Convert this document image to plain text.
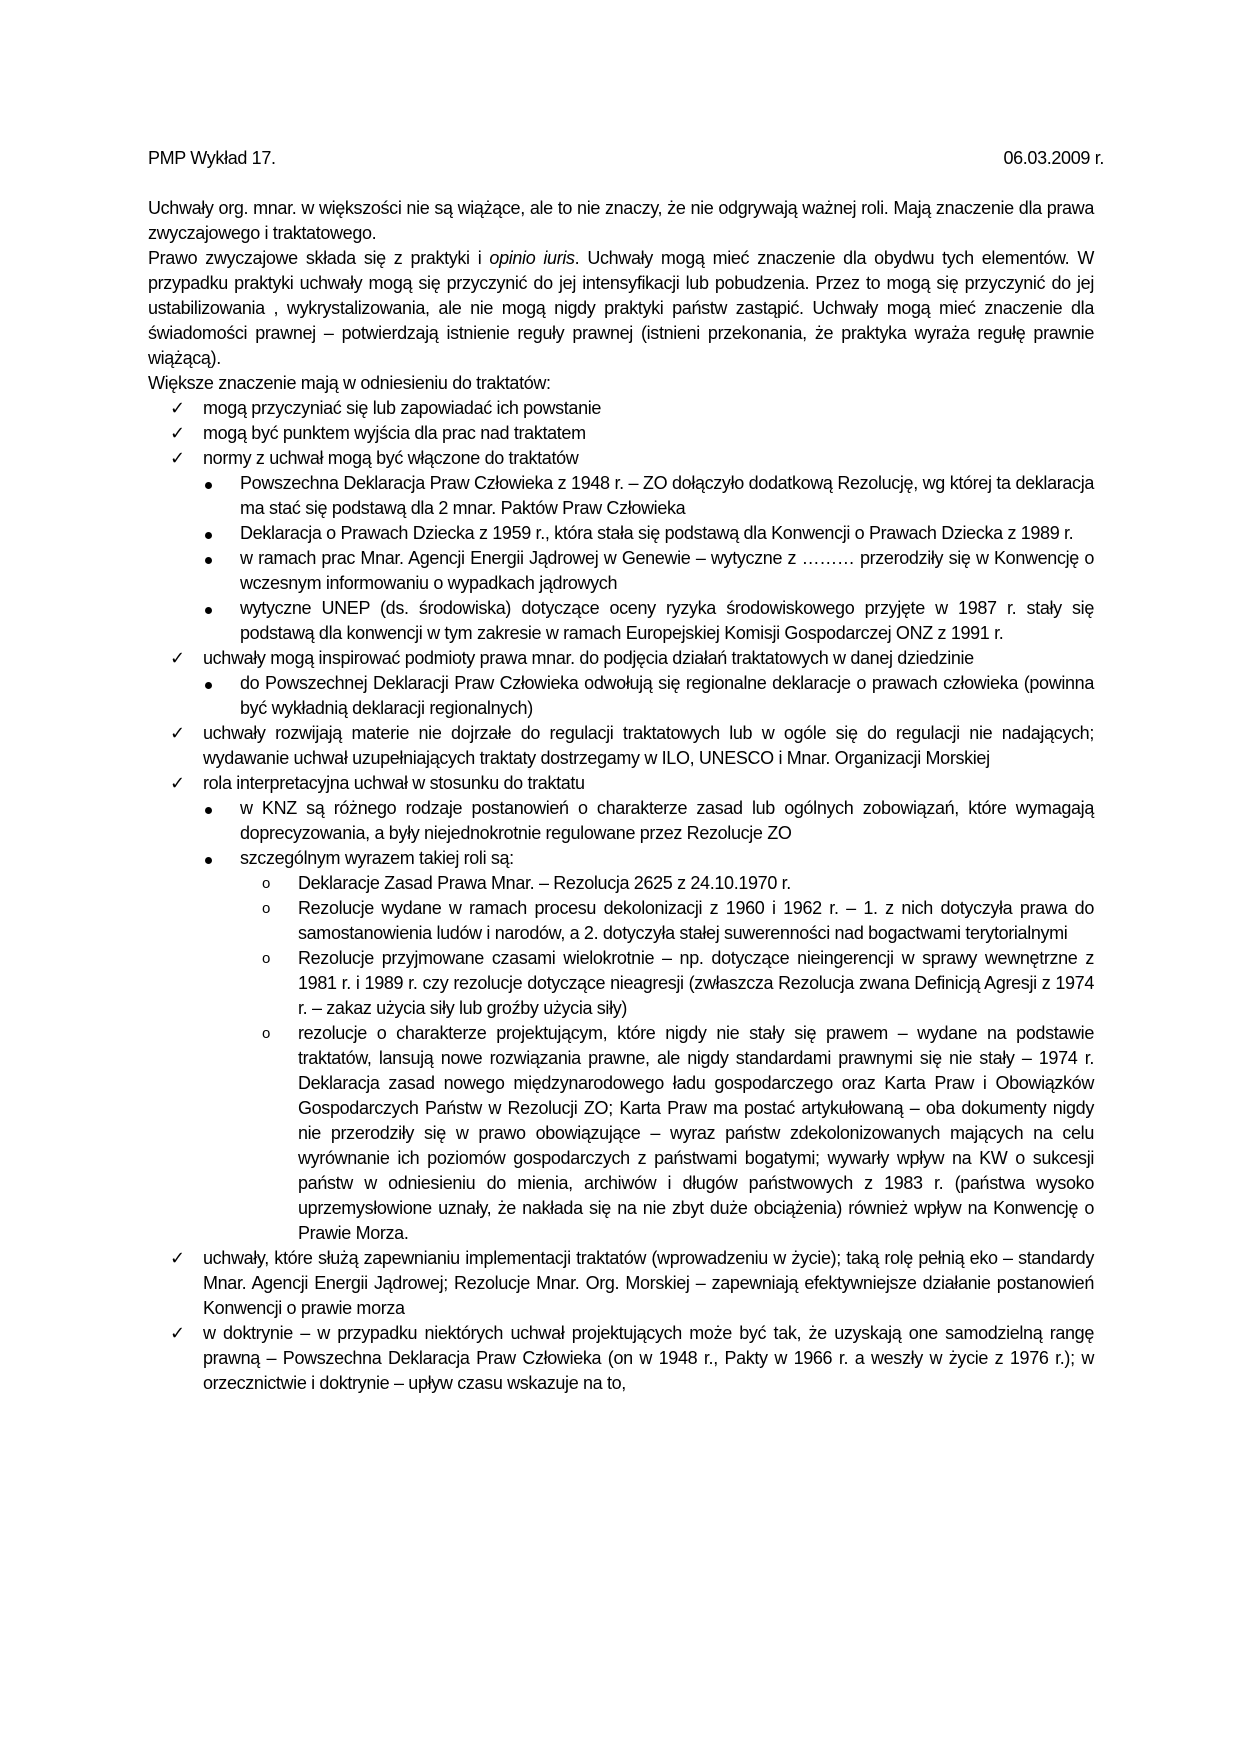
PMP Wykład 17.	06.03.2009 r.

Uchwały org. mnar. w większości nie są wiążące, ale to nie znaczy, że nie odgrywają ważnej roli. Mają znaczenie dla prawa zwyczajowego i traktatowego.

Prawo zwyczajowe składa się z praktyki i opinio iuris. Uchwały mogą mieć znaczenie dla obydwu tych elementów. W przypadku praktyki uchwały mogą się przyczynić do jej intensyfikacji lub pobudzenia. Przez to mogą się przyczynić do jej ustabilizowania , wykrystalizowania, ale nie mogą nigdy praktyki państw zastąpić. Uchwały mogą mieć znaczenie dla świadomości prawnej – potwierdzają istnienie reguły prawnej (istnieni przekonania, że praktyka wyraża regułę prawnie wiążącą).

Większe znaczenie mają w odniesieniu do traktatów:

✓ mogą przyczyniać się lub zapowiadać ich powstanie
✓ mogą być punktem wyjścia dla prac nad traktatem
✓ normy z uchwał mogą być włączone do traktatów
Powszechna Deklaracja Praw Człowieka z 1948 r. – ZO dołączyło dodatkową Rezolucję, wg której ta deklaracja ma stać się podstawą dla 2 mnar. Paktów Praw Człowieka
Deklaracja o Prawach Dziecka z 1959 r., która stała się podstawą dla Konwencji o Prawach Dziecka z 1989 r.
w ramach prac Mnar. Agencji Energii Jądrowej w Genewie – wytyczne z ……… przerodziły się w Konwencję o wczesnym informowaniu o wypadkach jądrowych
wytyczne UNEP (ds. środowiska) dotyczące oceny ryzyka środowiskowego przyjęte w 1987 r. stały się podstawą dla konwencji w tym zakresie w ramach Europejskiej Komisji Gospodarczej ONZ z 1991 r.
✓ uchwały mogą inspirować podmioty prawa mnar. do podjęcia działań traktatowych w danej dziedzinie
do Powszechnej Deklaracji Praw Człowieka odwołują się regionalne deklaracje o prawach człowieka (powinna być wykładnią deklaracji regionalnych)
✓ uchwały rozwijają materie nie dojrzałe do regulacji traktatowych lub w ogóle się do regulacji nie nadających; wydawanie uchwał uzupełniających traktaty dostrzegamy w ILO, UNESCO i Mnar. Organizacji Morskiej
✓ rola interpretacyjna uchwał w stosunku do traktatu
w KNZ są różnego rodzaje postanowień o charakterze zasad lub ogólnych zobowiązań, które wymagają doprecyzowania, a były niejednokrotnie regulowane przez Rezolucje ZO
szczególnym wyrazem takiej roli są:
o Deklaracje Zasad Prawa Mnar. – Rezolucja 2625 z 24.10.1970 r.
o Rezolucje wydane w ramach procesu dekolonizacji z 1960 i 1962 r. – 1. z nich dotyczyła prawa do samostanowienia ludów i narodów, a 2. dotyczyła stałej suwerenności nad bogactwami terytorialnymi
o Rezolucje przyjmowane czasami wielokrotnie – np. dotyczące nieingerencji w sprawy wewnętrzne z 1981 r. i 1989 r. czy rezolucje dotyczące nieagresji (zwłaszcza Rezolucja zwana Definicją Agresji z 1974 r. – zakaz użycia siły lub groźby użycia siły)
o rezolucje o charakterze projektującym, które nigdy nie stały się prawem – wydane na podstawie traktatów, lansują nowe rozwiązania prawne, ale nigdy standardami prawnymi się nie stały – 1974 r. Deklaracja zasad nowego międzynarodowego ładu gospodarczego oraz Karta Praw i Obowiązków Gospodarczych Państw w Rezolucji ZO; Karta Praw ma postać artykułowaną – oba dokumenty nigdy nie przerodziły się w prawo obowiązujące – wyraz państw zdekolonizowanych mających na celu wyrównanie ich poziomów gospodarczych z państwami bogatymi; wywarły wpływ na KW o sukcesji państw w odniesieniu do mienia, archiwów i długów państwowych z 1983 r. (państwa wysoko uprzemysłowione uznały, że nakłada się na nie zbyt duże obciążenia) również wpływ na Konwencję o Prawie Morza.
✓ uchwały, które służą zapewnianiu implementacji traktatów (wprowadzeniu w życie); taką rolę pełnią eko – standardy Mnar. Agencji Energii Jądrowej; Rezolucje Mnar. Org. Morskiej – zapewniają efektywniejsze działanie postanowień Konwencji o prawie morza
✓ w doktrynie – w przypadku niektórych uchwał projektujących może być tak, że uzyskają one samodzielną rangę prawną – Powszechna Deklaracja Praw Człowieka (on w 1948 r., Pakty w 1966 r. a weszły w życie z 1976 r.); w orzecznictwie i doktrynie – upływ czasu wskazuje na to,
